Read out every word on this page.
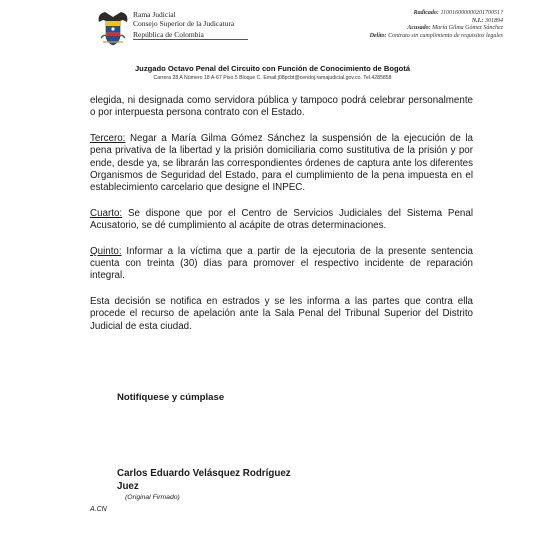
Rama Judicial
Consejo Superior de la Judicatura
República de Colombia
Radicado: 11001600000020170051?
N.I.: 301894
Acusado: María Gilma Gómez Sánchez
Delito: Contrato sin cumplimiento de requisitos legales
Juzgado Octavo Penal del Circuito con Función de Conocimiento de Bogotá
Carrera 28 A Número 18 A-67 Piso 5 Bloque C. Email:j08pcbt@cendoj.ramajudicial.gov.co. Tel.4285858

elegida, ni designada como servidora pública y tampoco podrá celebrar personalmente o por interpuesta persona contrato con el Estado.

Tercero: Negar a María Gilma Gómez Sánchez la suspensión de la ejecución de la pena privativa de la libertad y la prisión domiciliaria como sustitutiva de la prisión y por ende, desde ya, se librarán las correspondientes órdenes de captura ante los diferentes Organismos de Seguridad del Estado, para el cumplimiento de la pena impuesta en el establecimiento carcelario que designe el INPEC.

Cuarto: Se dispone que por el Centro de Servicios Judiciales del Sistema Penal Acusatorio, se dé cumplimiento al acápite de otras determinaciones.

Quinto: Informar a la víctima que a partir de la ejecutoria de la presente sentencia cuenta con treinta (30) días para promover el respectivo incidente de reparación integral.

Esta decisión se notifica en estrados y se les informa a las partes que contra ella procede el recurso de apelación ante la Sala Penal del Tribunal Superior del Distrito Judicial de esta ciudad.

Notifíquese y cúmplase
Carlos Eduardo Velásquez Rodríguez
Juez
(Original Firmado)
A.CN
